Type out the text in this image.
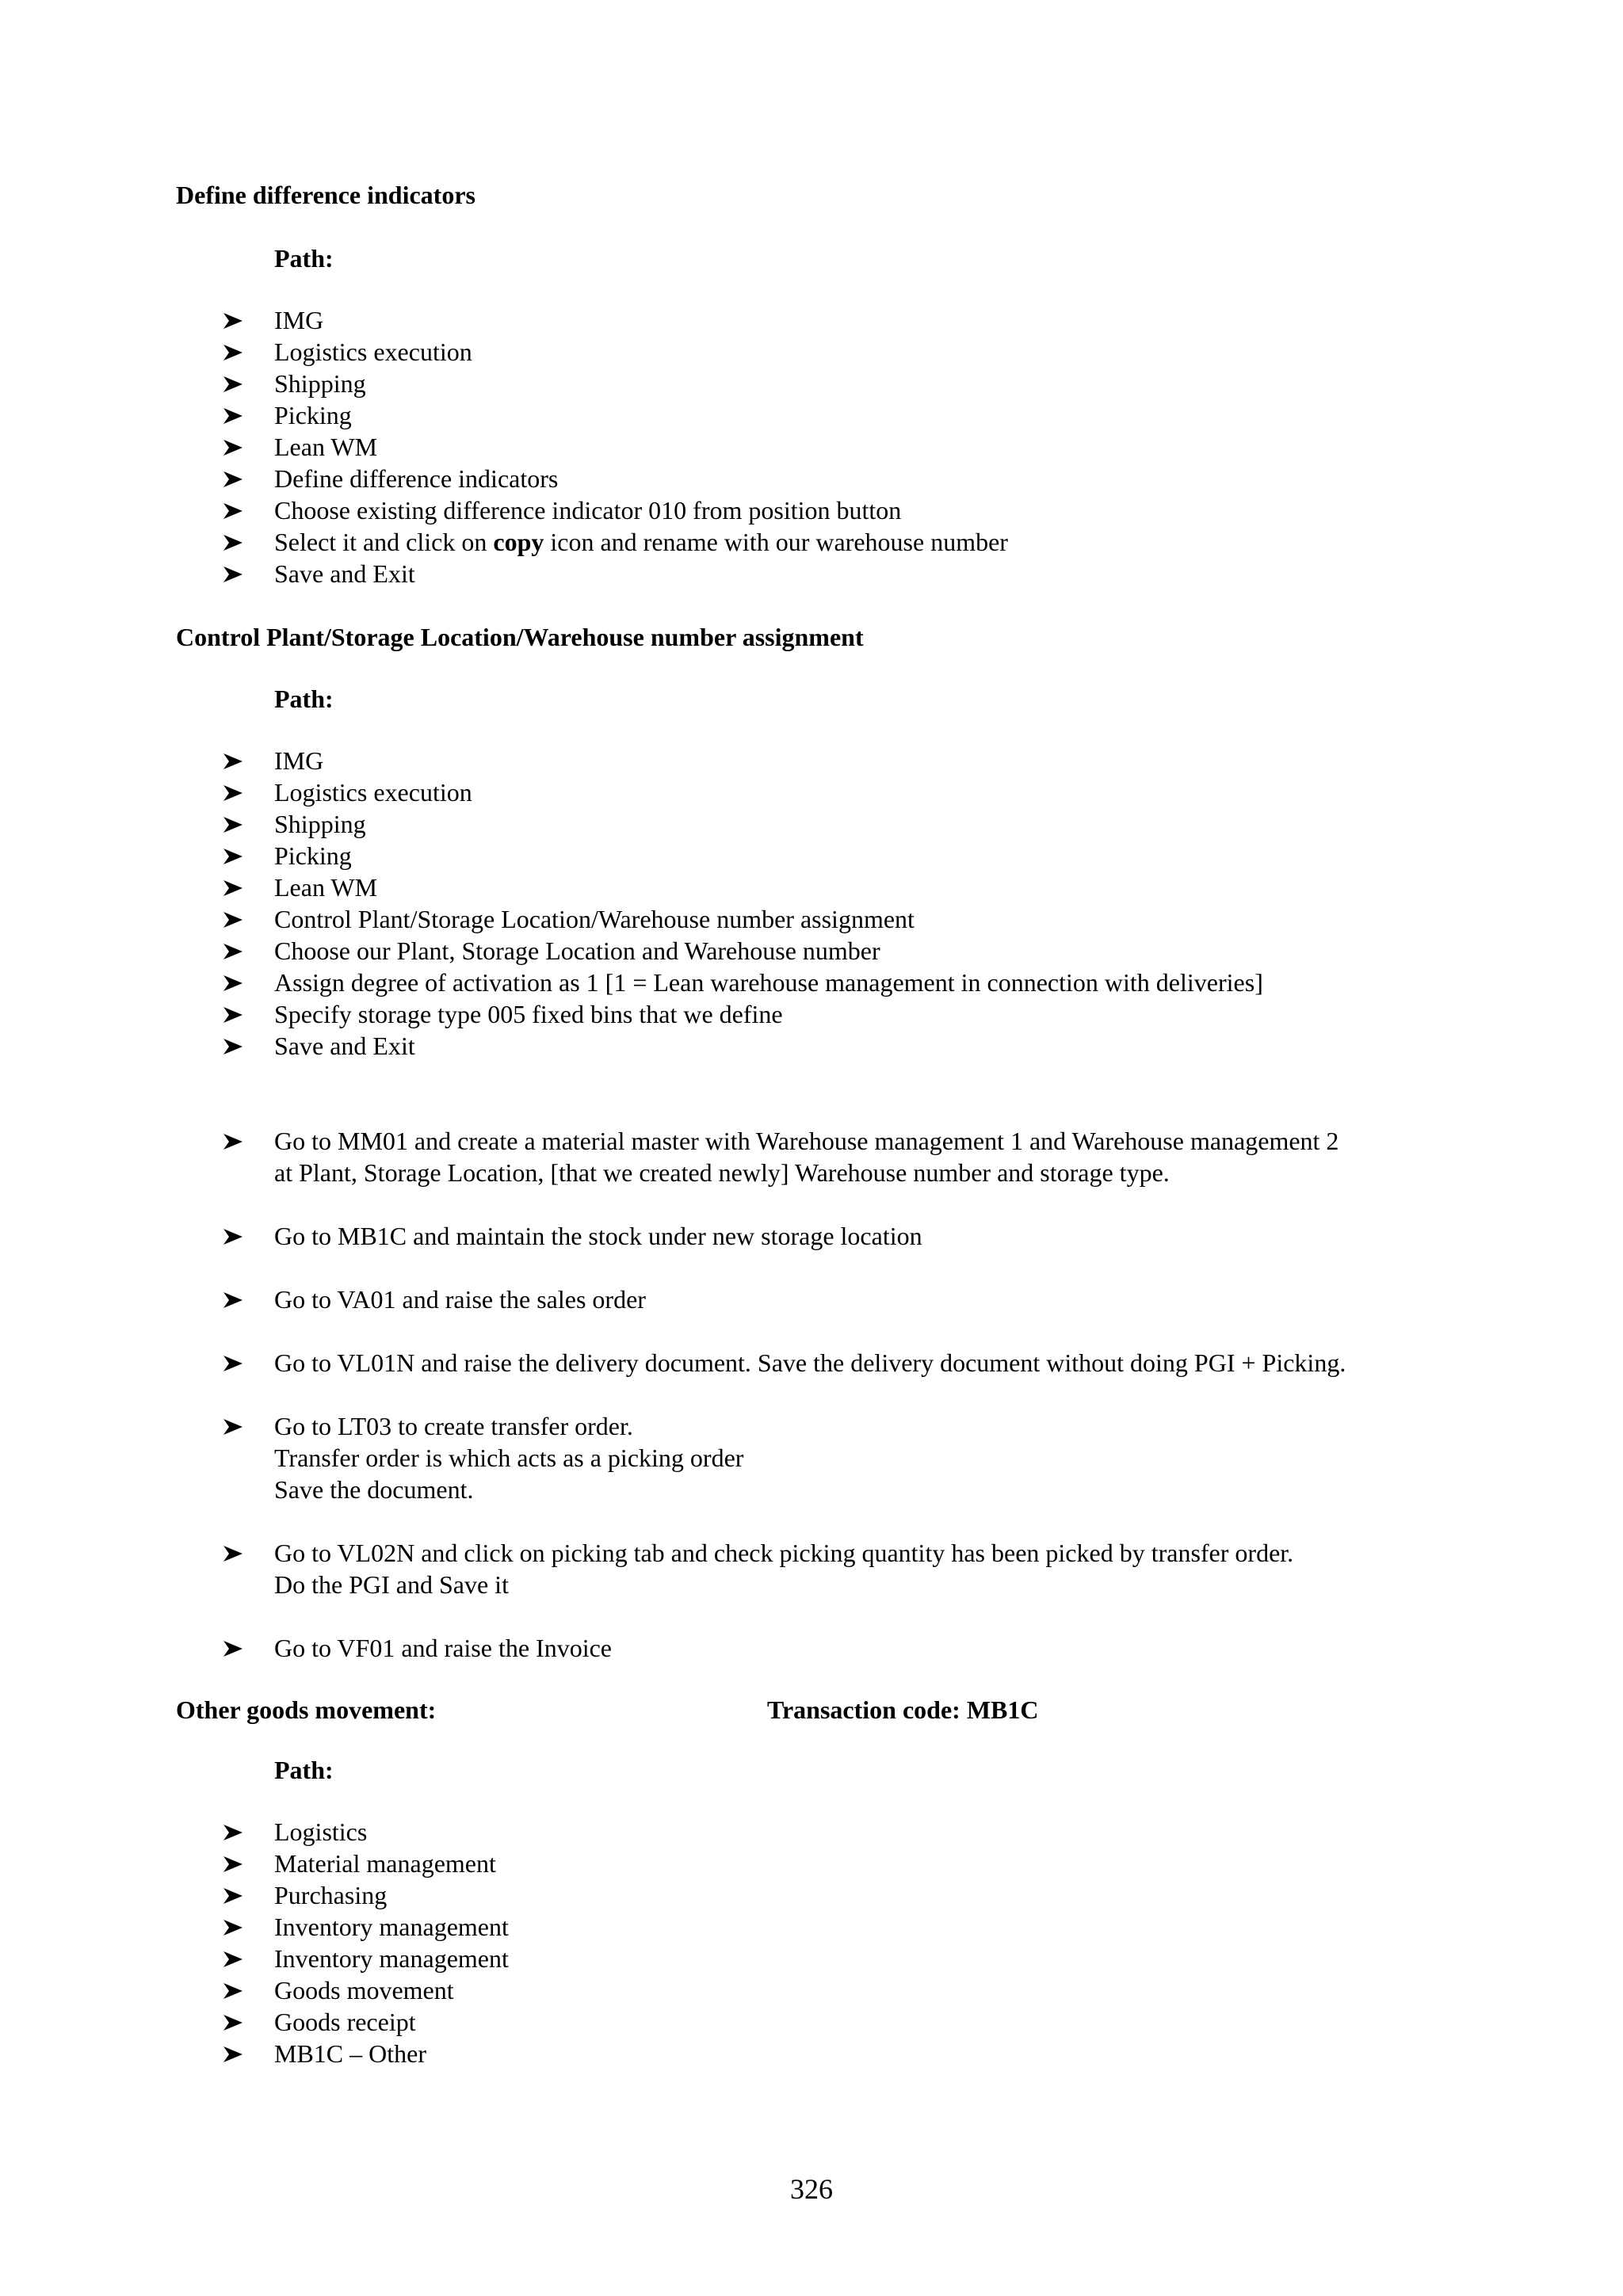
Define difference indicators
Path:
IMG
Logistics execution
Shipping
Picking
Lean WM
Define difference indicators
Choose existing difference indicator 010 from position button
Select it and click on copy icon and rename with our warehouse number
Save and Exit
Control Plant/Storage Location/Warehouse number assignment
Path:
IMG
Logistics execution
Shipping
Picking
Lean WM
Control Plant/Storage Location/Warehouse number assignment
Choose our Plant, Storage Location and Warehouse number
Assign degree of activation as 1 [1 = Lean warehouse management in connection with deliveries]
Specify storage type 005 fixed bins that we define
Save and Exit
Go to MM01 and create a material master with Warehouse management 1 and Warehouse management 2
at Plant, Storage Location, [that we created newly] Warehouse number and storage type.
Go to MB1C and maintain the stock under new storage location
Go to VA01 and raise the sales order
Go to VL01N and raise the delivery document. Save the delivery document without doing PGI + Picking.
Go to LT03 to create transfer order.
Transfer order is which acts as a picking order
Save the document.
Go to VL02N and click on picking tab and check picking quantity has been picked by transfer order.
Do the PGI and Save it
Go to VF01 and raise the Invoice
Other goods movement:	Transaction code: MB1C
Path:
Logistics
Material management
Purchasing
Inventory management
Inventory management
Goods movement
Goods receipt
MB1C – Other
326
